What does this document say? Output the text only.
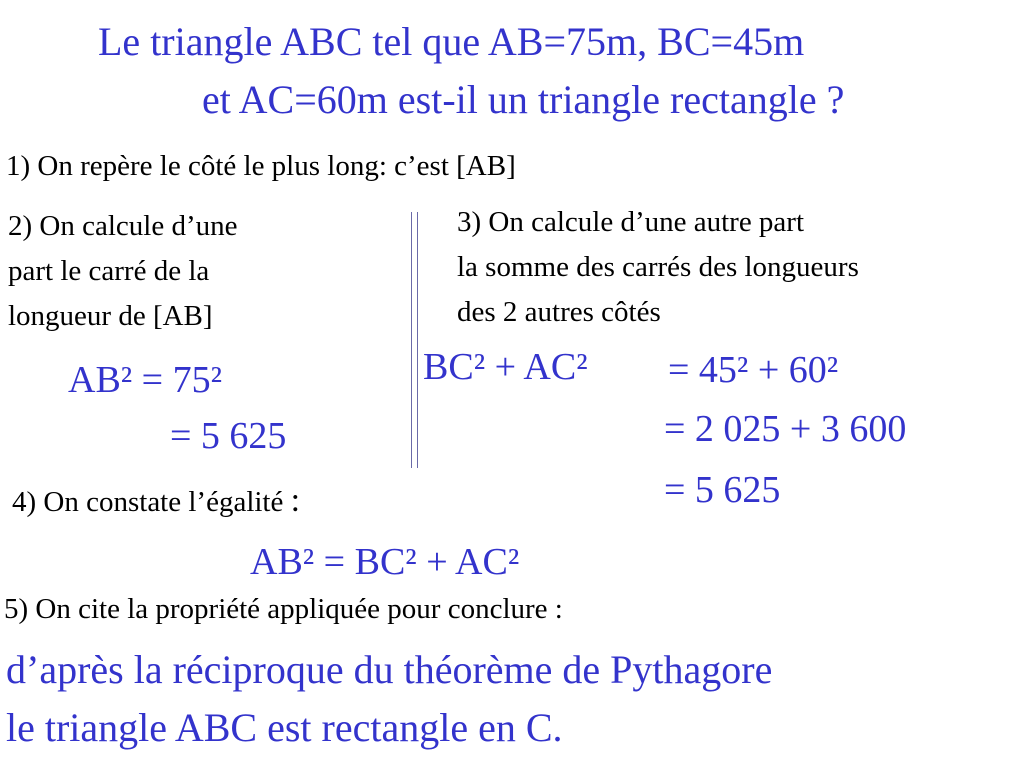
Le triangle ABC tel que AB=75m, BC=45m
et AC=60m est-il un triangle rectangle ?
1) On repère le côté le plus long: c’est [AB]
2) On calcule d’une
part le carré de la
longueur de [AB]
3) On calcule d’une autre part
la somme des carrés des longueurs
des 2 autres côtés
AB² = 75²
= 5 625
BC² + AC² = 45² + 60²
= 2 025 + 3 600
= 5 625
4) On constate l’égalité :
AB² = BC² + AC²
5) On cite la propriété appliquée pour conclure :
d’après la réciproque du théorème de Pythagore
le triangle ABC est rectangle en C.
